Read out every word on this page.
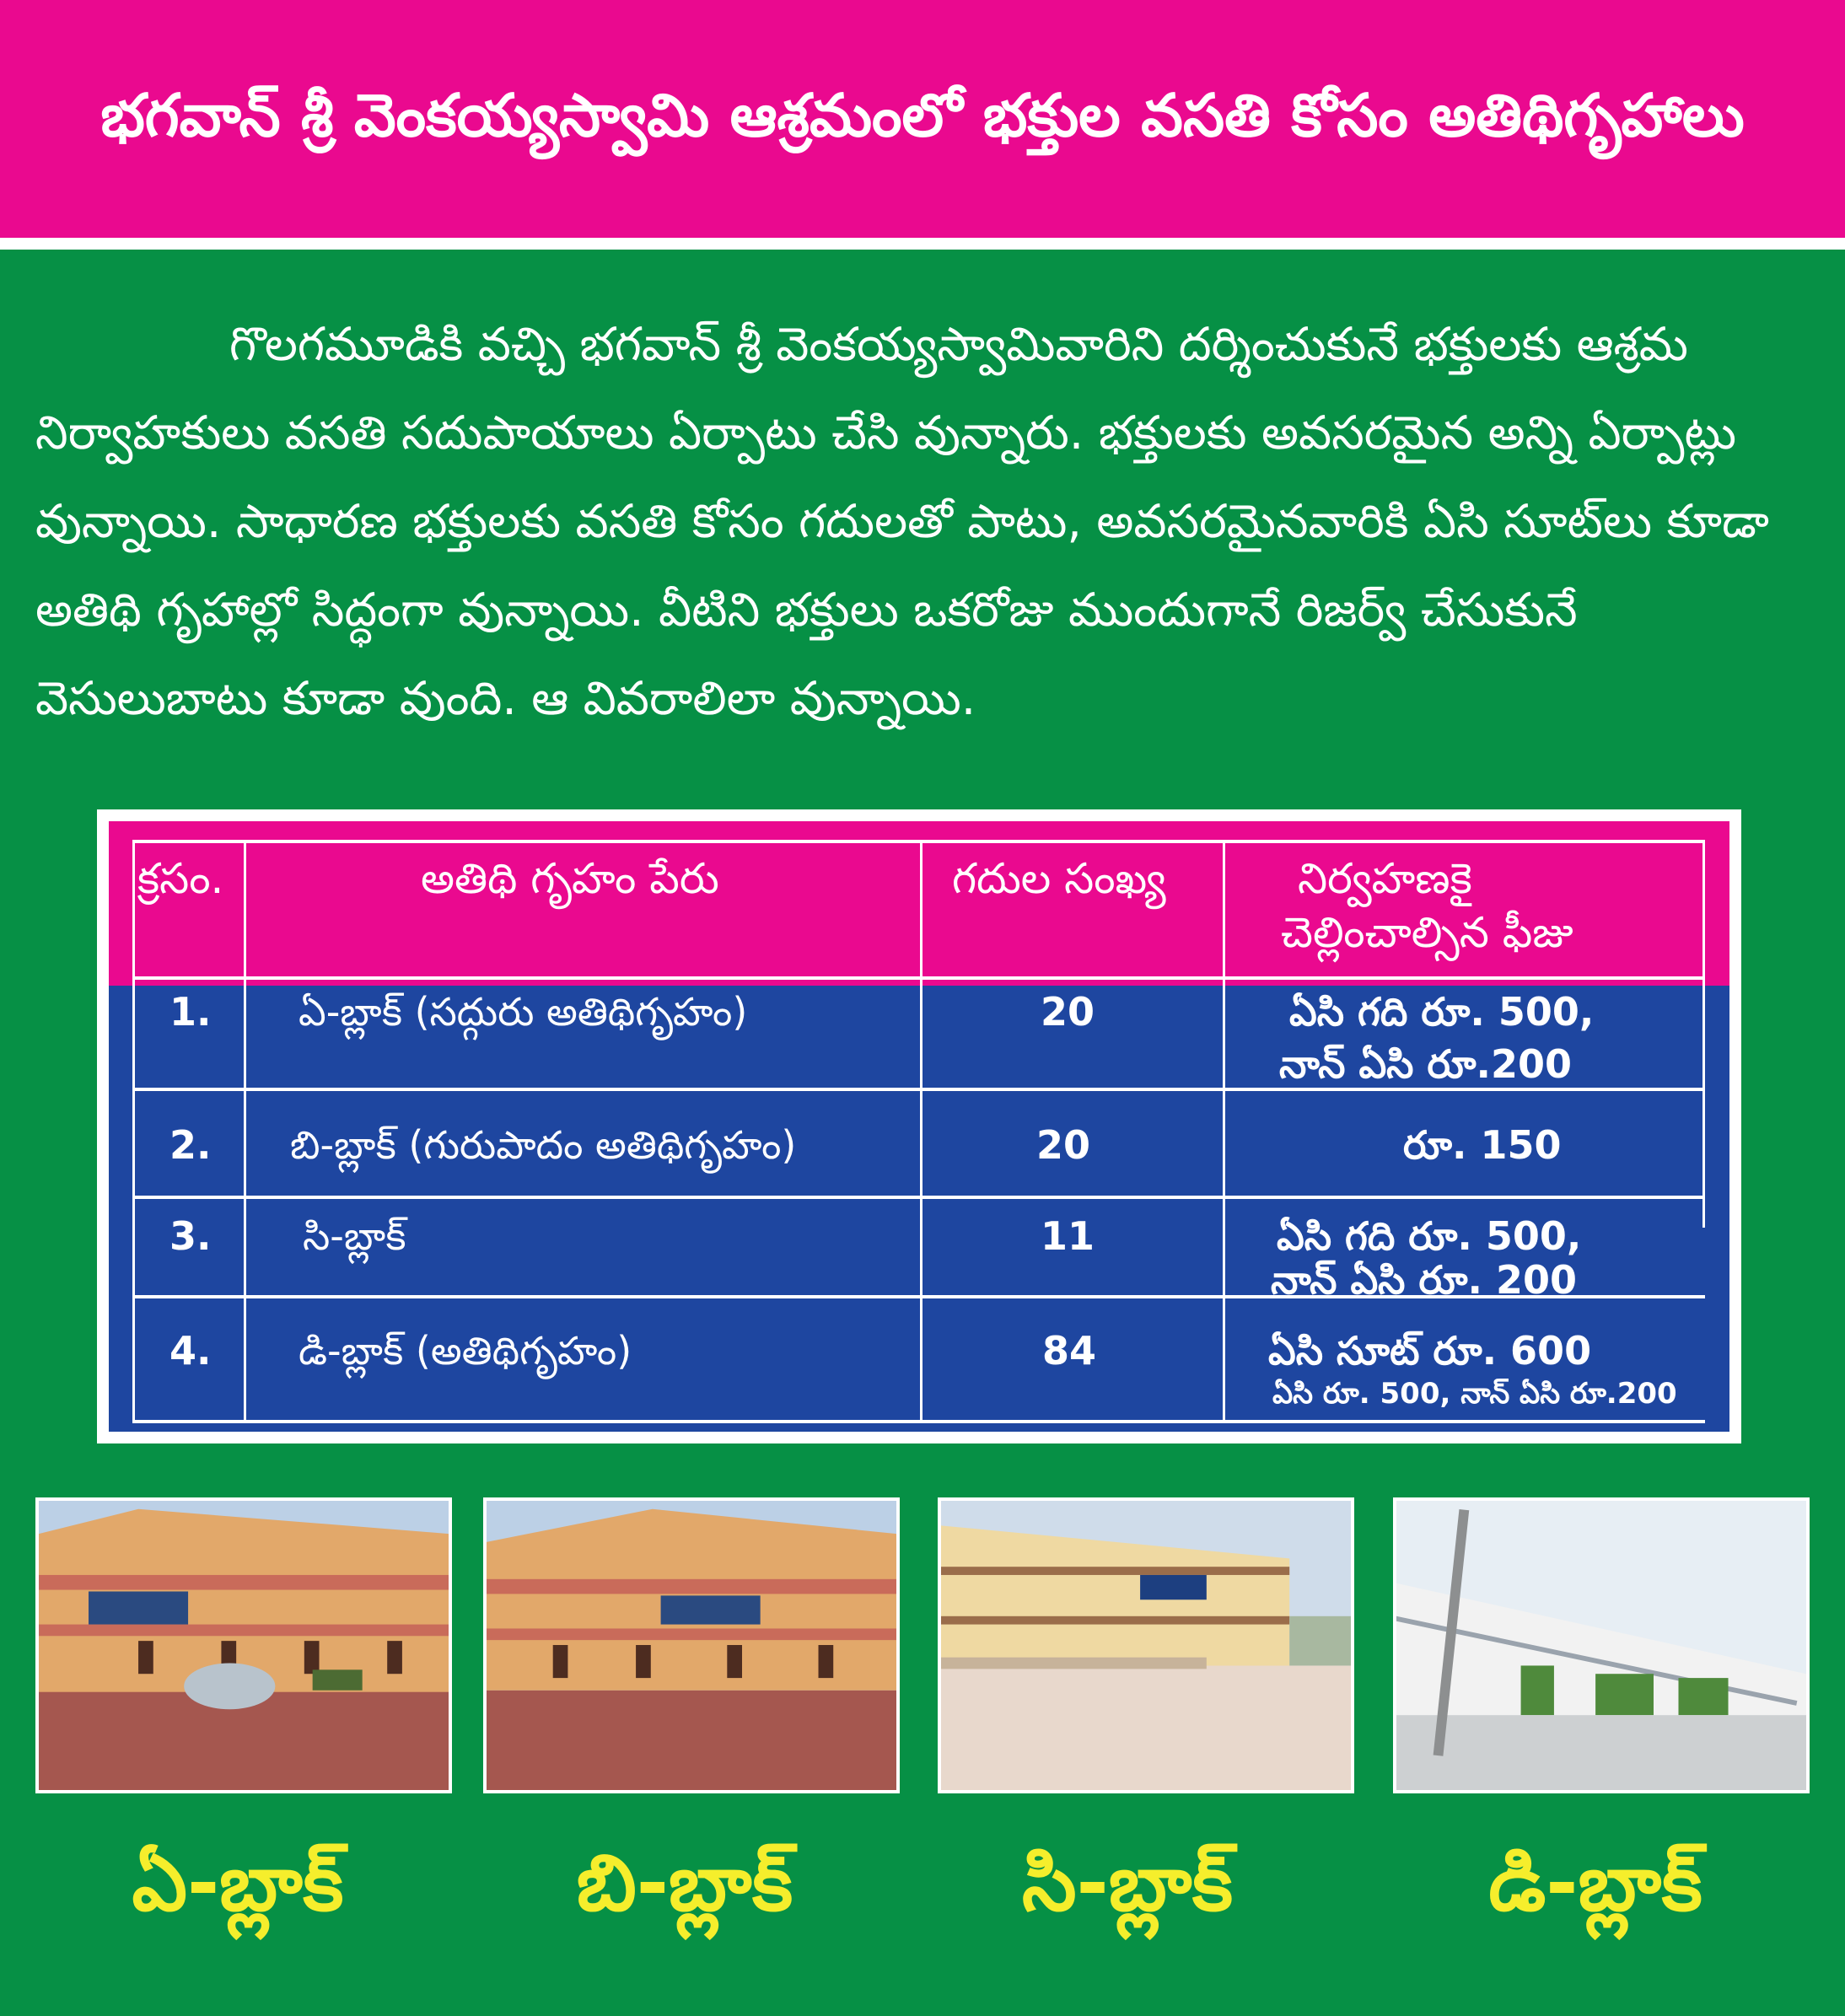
భగవాన్ శ్రీ వెంకయ్యస్వామి ఆశ్రమంలో భక్తుల వసతి కోసం అతిథిగృహాలు
గొలగమూడికి వచ్చి భగవాన్ శ్రీ వెంకయ్యస్వామివారిని దర్శించుకునే భక్తులకు ఆశ్రమ
నిర్వాహకులు వసతి సదుపాయాలు ఏర్పాటు చేసి వున్నారు. భక్తులకు అవసరమైన అన్ని ఏర్పాట్లు
వున్నాయి. సాధారణ భక్తులకు వసతి కోసం గదులతో పాటు, అవసరమైనవారికి ఏసి సూట్‌లు కూడా
అతిథి గృహాల్లో సిద్ధంగా వున్నాయి. వీటిని భక్తులు ఒకరోజు ముందుగానే రిజర్వ్ చేసుకునే
వెసులుబాటు కూడా వుంది. ఆ వివరాలిలా వున్నాయి.
క్రసం.	అతిథి గృహం పేరు	గదుల సంఖ్య	నిర్వహణకై
చెల్లించాల్సిన ఫీజు
1. ఏ-బ్లాక్ (సద్గురు అతిథిగృహం)	20	ఏసి గది రూ. 500,
నాన్ ఏసి రూ.200
2. బి-బ్లాక్ (గురుపాదం అతిథిగృహం)	20	రూ. 150
3. సి-బ్లాక్	11	ఏసి గది రూ. 500,
నాన్ ఏసి రూ. 200
4. డి-బ్లాక్ (అతిథిగృహం)	84	ఏసి సూట్ రూ. 600
ఏసి రూ. 500, నాన్ ఏసి రూ.200
ఏ-బ్లాక్	బి-బ్లాక్	సి-బ్లాక్	డి-బ్లాక్
